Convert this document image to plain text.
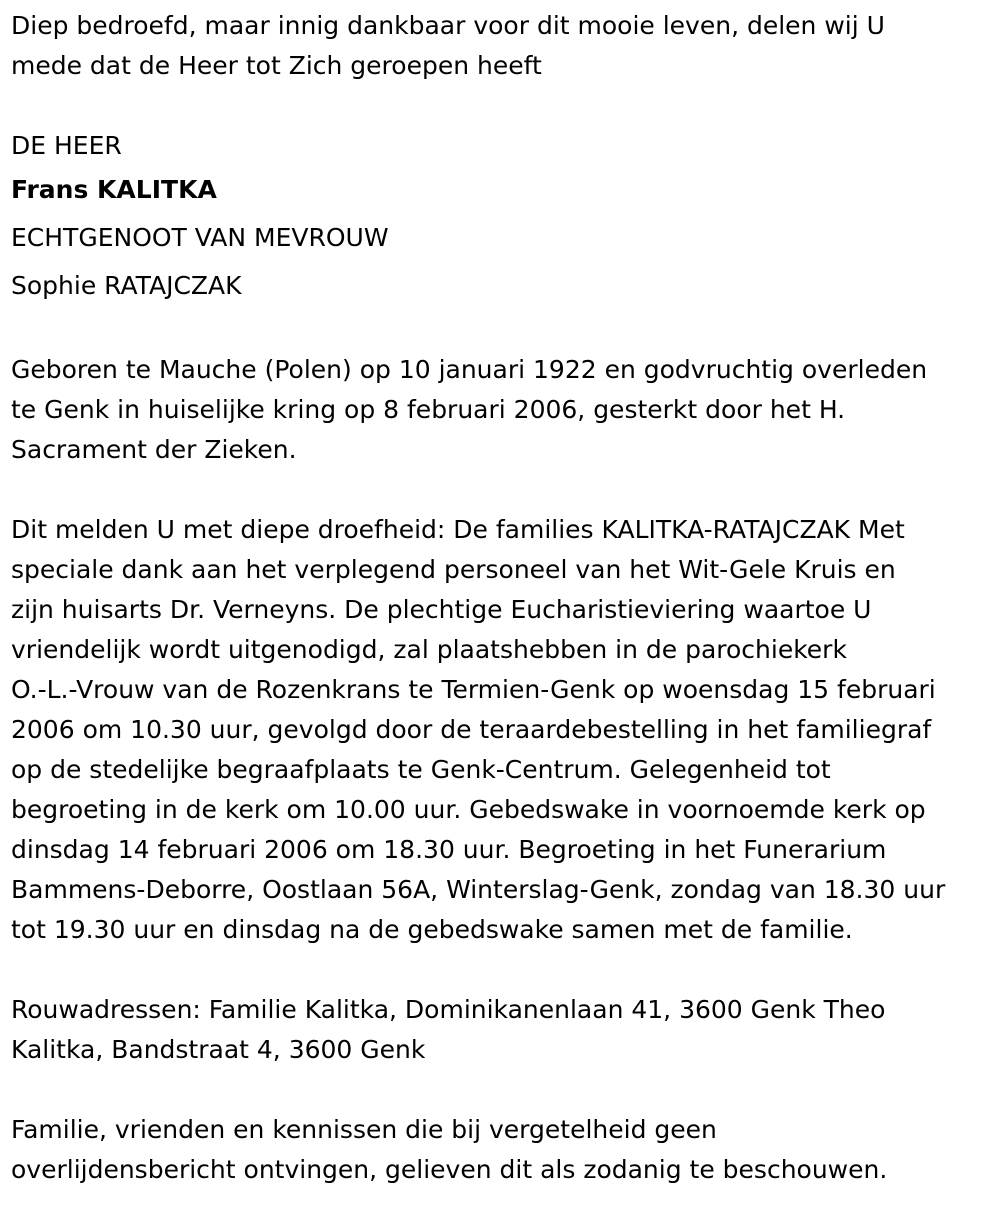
Diep bedroefd, maar innig dankbaar voor dit mooie leven, delen wij U

mede dat de Heer tot Zich geroepen heeft

DE HEER

Frans KALITKA

ECHTGENOOT VAN MEVROUW

Sophie RATAJCZAK

Geboren te Mauche (Polen) op 10 januari 1922 en godvruchtig overleden

te Genk in huiselijke kring op 8 februari 2006, gesterkt door het H.

Sacrament der Zieken.

Dit melden U met diepe droefheid: De families KALITKA-RATAJCZAK Met

speciale dank aan het verplegend personeel van het Wit-Gele Kruis en

zijn huisarts Dr. Verneyns. De plechtige Eucharistieviering waartoe U

vriendelijk wordt uitgenodigd, zal plaatshebben in de parochiekerk

O.-L.-Vrouw van de Rozenkrans te Termien-Genk op woensdag 15 februari

2006 om 10.30 uur, gevolgd door de teraardebestelling in het familiegraf

op de stedelijke begraafplaats te Genk-Centrum. Gelegenheid tot

begroeting in de kerk om 10.00 uur. Gebedswake in voornoemde kerk op

dinsdag 14 februari 2006 om 18.30 uur. Begroeting in het Funerarium

Bammens-Deborre, Oostlaan 56A, Winterslag-Genk, zondag van 18.30 uur

tot 19.30 uur en dinsdag na de gebedswake samen met de familie.

Rouwadressen: Familie Kalitka, Dominikanenlaan 41, 3600 Genk Theo

Kalitka, Bandstraat 4, 3600 Genk

Familie, vrienden en kennissen die bij vergetelheid geen

overlijdensbericht ontvingen, gelieven dit als zodanig te beschouwen.
